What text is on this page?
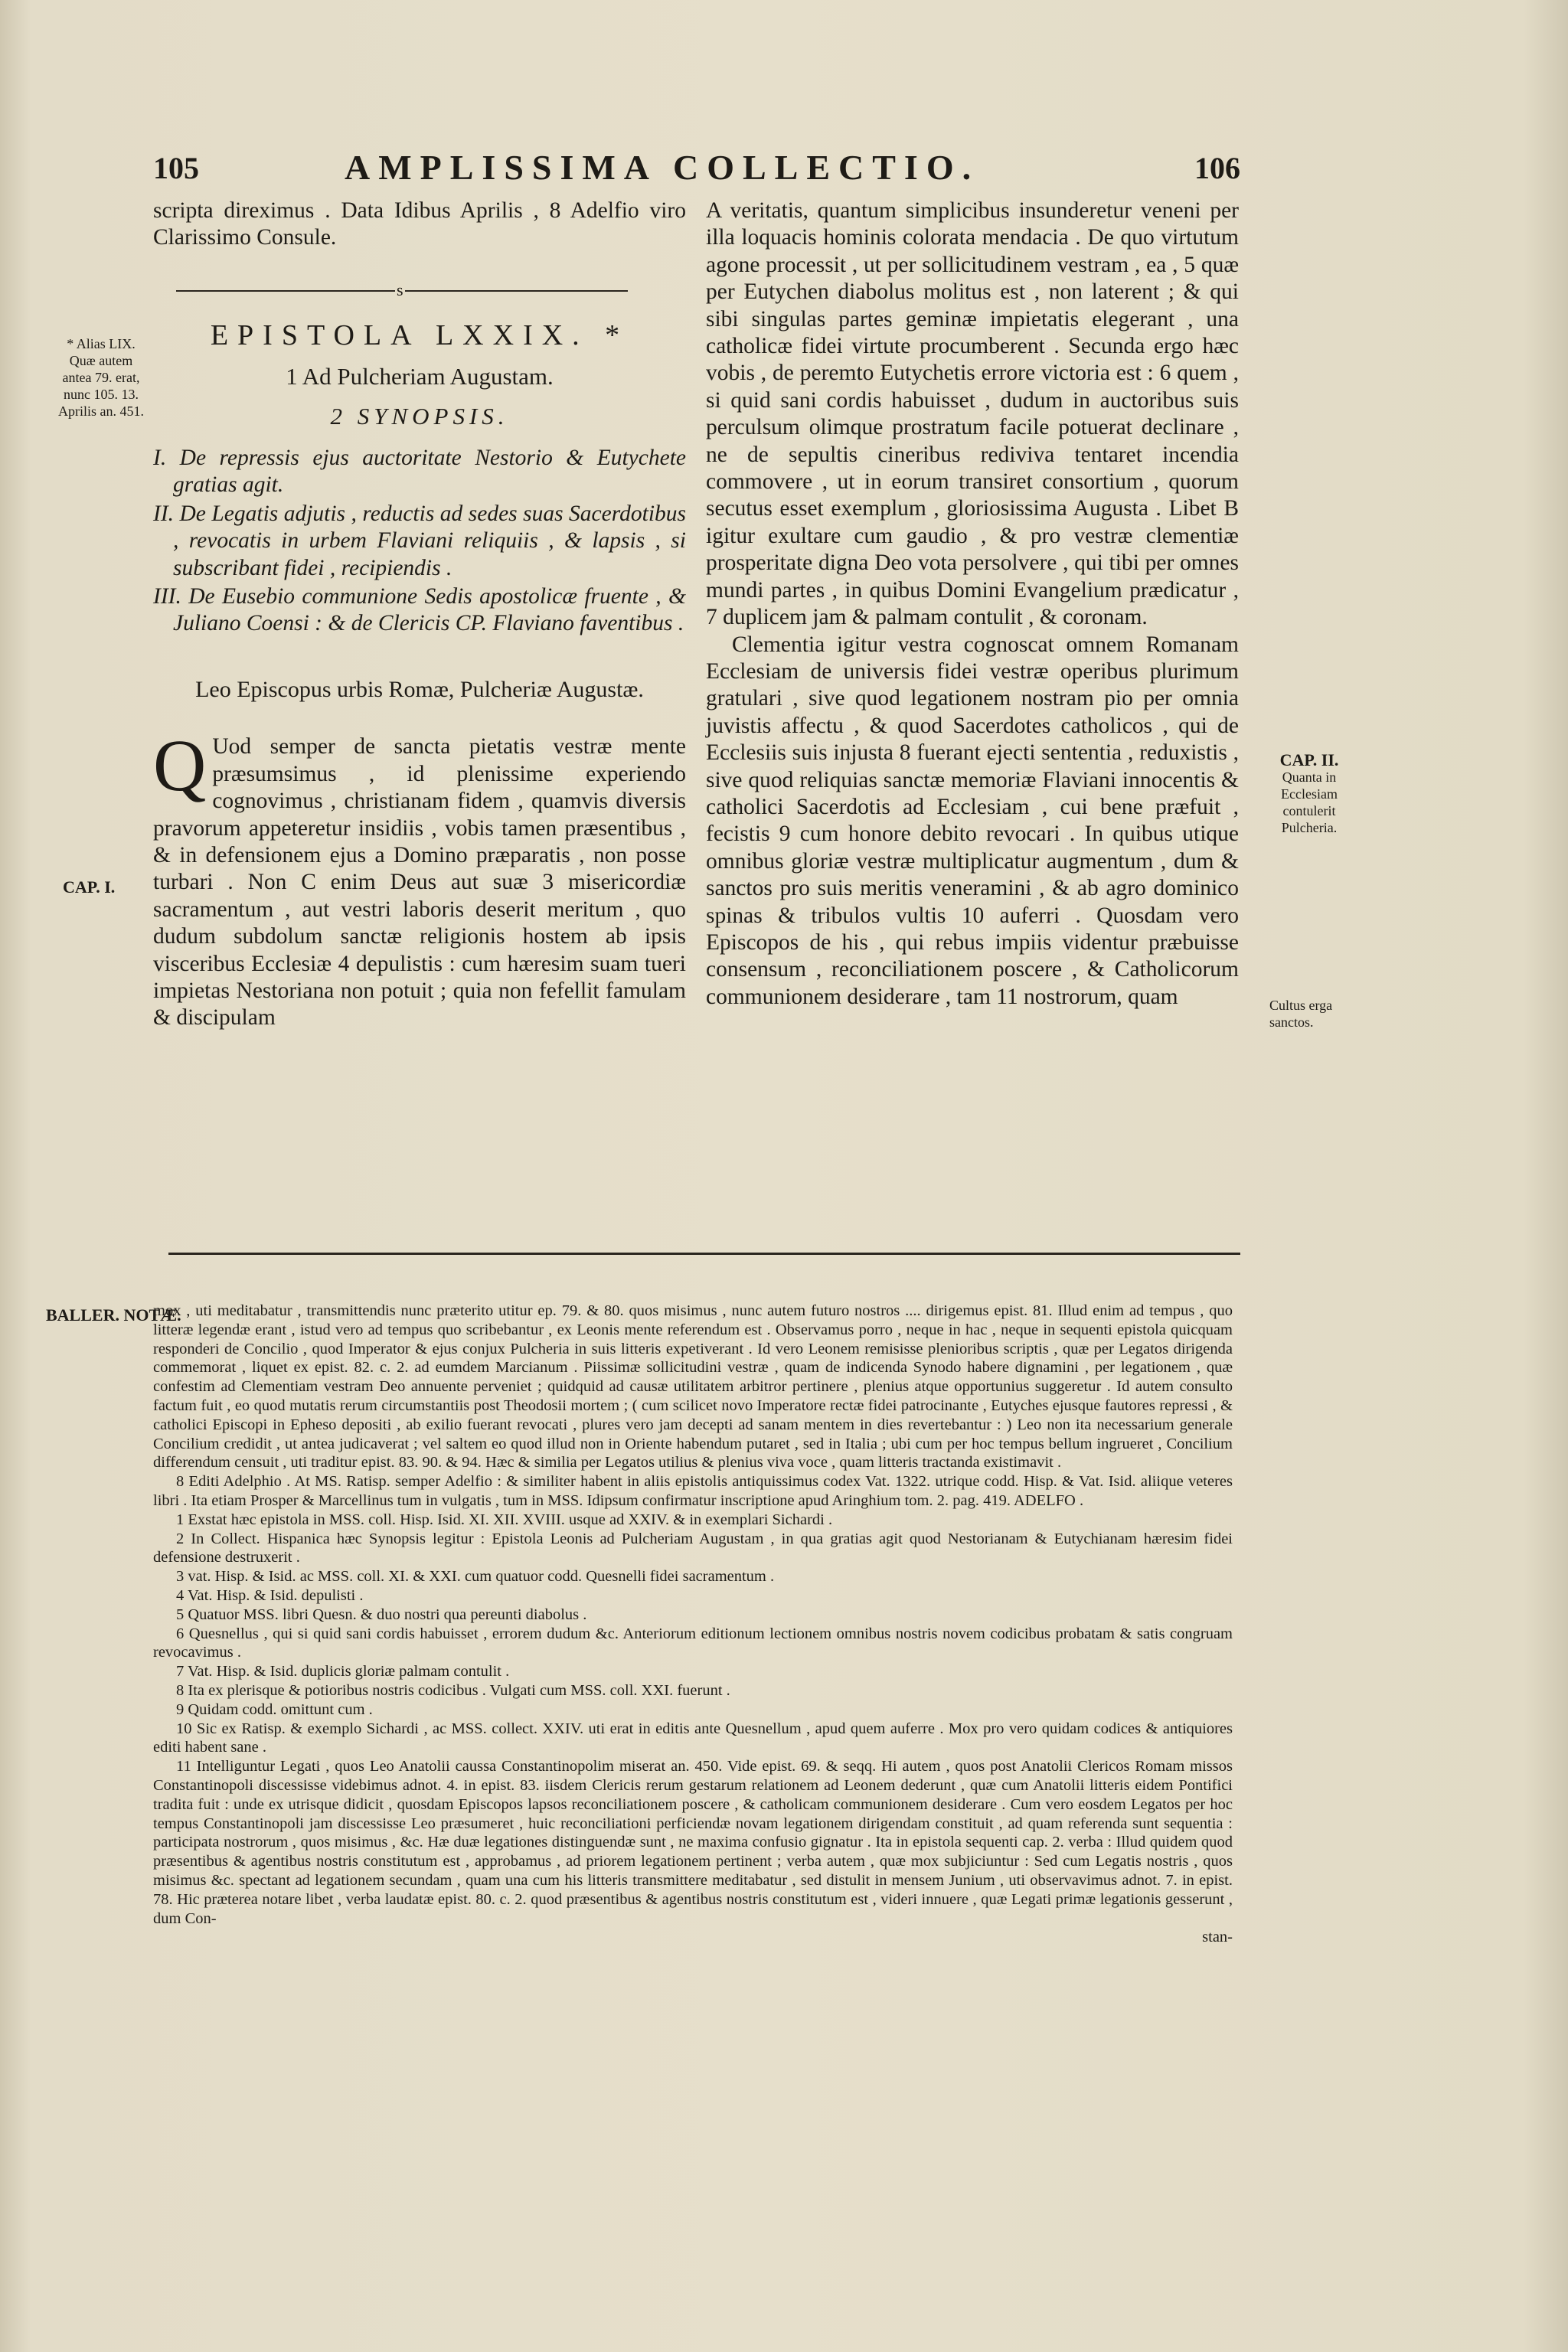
105	AMPLISSIMA COLLECTIO.	106
* Alias LIX. Quæ autem antea 79. erat, nunc 105. 13. Aprilis an. 451.
CAP. I.
CAP. II.
Quanta in Ecclesiam contulerit Pulcheria.
Cultus erga sanctos.

scripta direximus . Data Idibus Aprilis , 8 Adelfio viro Clarissimo Consule.

s
EPISTOLA LXXIX. *
1 Ad Pulcheriam Augustam.
2 SYNOPSIS.
I. De repressis ejus auctoritate Nestorio & Eutychete gratias agit.
II. De Legatis adjutis , reductis ad sedes suas Sacerdotibus , revocatis in urbem Flaviani reliquiis , & lapsis , si subscribant fidei , recipiendis .
III. De Eusebio communione Sedis apostolicæ fruente , & Juliano Coensi : & de Clericis CP. Flaviano faventibus .
Leo Episcopus urbis Romæ, Pulcheriæ Augustæ.
Q Uod semper de sancta pietatis vestræ mente præsumsimus , id plenissime experiendo cognovimus , christianam fidem , quamvis diversis pravorum appeteretur insidiis , vobis tamen præsentibus , & in defensionem ejus a Domino præparatis , non posse turbari . Non C enim Deus aut suæ 3 misericordiæ sacramentum , aut vestri laboris deserit meritum , quo dudum subdolum sanctæ religionis hostem ab ipsis visceribus Ecclesiæ 4 depulistis : cum hæresim suam tueri impietas Nestoriana non potuit ; quia non fefellit famulam & discipulam

A veritatis, quantum simplicibus insunderetur veneni per illa loquacis hominis colorata mendacia . De quo virtutum agone processit , ut per sollicitudinem vestram , ea , 5 quæ per Eutychen diabolus molitus est , non laterent ; & qui sibi singulas partes geminæ impietatis elegerant , una catholicæ fidei virtute procumberent . Secunda ergo hæc vobis , de peremto Eutychetis errore victoria est : 6 quem , si quid sani cordis habuisset , dudum in auctoribus suis perculsum olimque prostratum facile potuerat declinare , ne de sepultis cineribus rediviva tentaret incendia commovere , ut in eorum transiret consortium , quorum secutus esset exemplum , gloriosissima Augusta . Libet B igitur exultare cum gaudio , & pro vestræ clementiæ prosperitate digna Deo vota persolvere , qui tibi per omnes mundi partes , in quibus Domini Evangelium prædicatur , 7 duplicem jam & palmam contulit , & coronam.

Clementia igitur vestra cognoscat omnem Romanam Ecclesiam de universis fidei vestræ operibus plurimum gratulari , sive quod legationem nostram pio per omnia juvistis affectu , & quod Sacerdotes catholicos , qui de Ecclesiis suis injusta 8 fuerant ejecti sententia , reduxistis , sive quod reliquias sanctæ memoriæ Flaviani innocentis & catholici Sacerdotis ad Ecclesiam , cui bene præfuit , fecistis 9 cum honore debito revocari . In quibus utique omnibus gloriæ vestræ multiplicatur augmentum , dum & sanctos pro suis meritis veneramini , & ab agro dominico spinas & tribulos vultis 10 auferri . Quosdam vero Episcopos de his , qui rebus impiis videntur præbuisse consensum , reconciliationem poscere , & Catholicorum communionem desiderare , tam 11 nostrorum, quam

BALLER. NOTÆ.

mox , uti meditabatur , transmittendis nunc præterito utitur ep. 79. & 80. quos misimus , nunc autem futuro nostros .... dirigemus epist. 81. Illud enim ad tempus , quo litteræ legendæ erant , istud vero ad tempus quo scribebantur , ex Leonis mente referendum est . Observamus porro , neque in hac , neque in sequenti epistola quicquam responderi de Concilio , quod Imperator & ejus conjux Pulcheria in suis litteris expetiverant . Id vero Leonem remisisse plenioribus scriptis , quæ per Legatos dirigenda commemorat , liquet ex epist. 82. c. 2. ad eumdem Marcianum . Piissimæ sollicitudini vestræ , quam de indicenda Synodo habere dignamini , per legationem , quæ confestim ad Clementiam vestram Deo annuente perveniet ; quidquid ad causæ utilitatem arbitror pertinere , plenius atque opportunius suggeretur . Id autem consulto factum fuit , eo quod mutatis rerum circumstantiis post Theodosii mortem ; ( cum scilicet novo Imperatore rectæ fidei patrocinante , Eutyches ejusque fautores repressi , & catholici Episcopi in Epheso depositi , ab exilio fuerant revocati , plures vero jam decepti ad sanam mentem in dies revertebantur : ) Leo non ita necessarium generale Concilium credidit , ut antea judicaverat ; vel saltem eo quod illud non in Oriente habendum putaret , sed in Italia ; ubi cum per hoc tempus bellum ingrueret , Concilium differendum censuit , uti traditur epist. 83. 90. & 94. Hæc & similia per Legatos utilius & plenius viva voce , quam litteris tractanda existimavit .

8 Editi Adelphio . At MS. Ratisp. semper Adelfio : & similiter habent in aliis epistolis antiquissimus codex Vat. 1322. utrique codd. Hisp. & Vat. Isid. aliique veteres libri . Ita etiam Prosper & Marcellinus tum in vulgatis , tum in MSS. Idipsum confirmatur inscriptione apud Aringhium tom. 2. pag. 419. ADELFO .

1 Exstat hæc epistola in MSS. coll. Hisp. Isid. XI. XII. XVIII. usque ad XXIV. & in exemplari Sichardi .

2 In Collect. Hispanica hæc Synopsis legitur : Epistola Leonis ad Pulcheriam Augustam , in qua gratias agit quod Nestorianam & Eutychianam hæresim fidei defensione destruxerit .

3 vat. Hisp. & Isid. ac MSS. coll. XI. & XXI. cum quatuor codd. Quesnelli fidei sacramentum .

4 Vat. Hisp. & Isid. depulisti .

5 Quatuor MSS. libri Quesn. & duo nostri qua pereunti diabolus .

6 Quesnellus , qui si quid sani cordis habuisset , errorem dudum &c. Anteriorum editionum lectionem omnibus nostris novem codicibus probatam & satis congruam revocavimus .

7 Vat. Hisp. & Isid. duplicis gloriæ palmam contulit .

8 Ita ex plerisque & potioribus nostris codicibus . Vulgati cum MSS. coll. XXI. fuerunt .

9 Quidam codd. omittunt cum .

10 Sic ex Ratisp. & exemplo Sichardi , ac MSS. collect. XXIV. uti erat in editis ante Quesnellum , apud quem auferre . Mox pro vero quidam codices & antiquiores editi habent sane .

11 Intelliguntur Legati , quos Leo Anatolii caussa Constantinopolim miserat an. 450. Vide epist. 69. & seqq. Hi autem , quos post Anatolii Clericos Romam missos Constantinopoli discessisse videbimus adnot. 4. in epist. 83. iisdem Clericis rerum gestarum relationem ad Leonem dederunt , quæ cum Anatolii litteris eidem Pontifici tradita fuit : unde ex utrisque didicit , quosdam Episcopos lapsos reconciliationem poscere , & catholicam communionem desiderare . Cum vero eosdem Legatos per hoc tempus Constantinopoli jam discessisse Leo præsumeret , huic reconciliationi perficiendæ novam legationem dirigendam constituit , ad quam referenda sunt sequentia : participata nostrorum , quos misimus , &c. Hæ duæ legationes distinguendæ sunt , ne maxima confusio gignatur . Ita in epistola sequenti cap. 2. verba : Illud quidem quod præsentibus & agentibus nostris constitutum est , approbamus , ad priorem legationem pertinent ; verba autem , quæ mox subjiciuntur : Sed cum Legatis nostris , quos misimus &c. spectant ad legationem secundam , quam una cum his litteris transmittere meditabatur , sed distulit in mensem Junium , uti observavimus adnot. 7. in epist. 78. Hic præterea notare libet , verba laudatæ epist. 80. c. 2. quod præsentibus & agentibus nostris constitutum est , videri innuere , quæ Legati primæ legationis gesserunt , dum Con-

stan-
